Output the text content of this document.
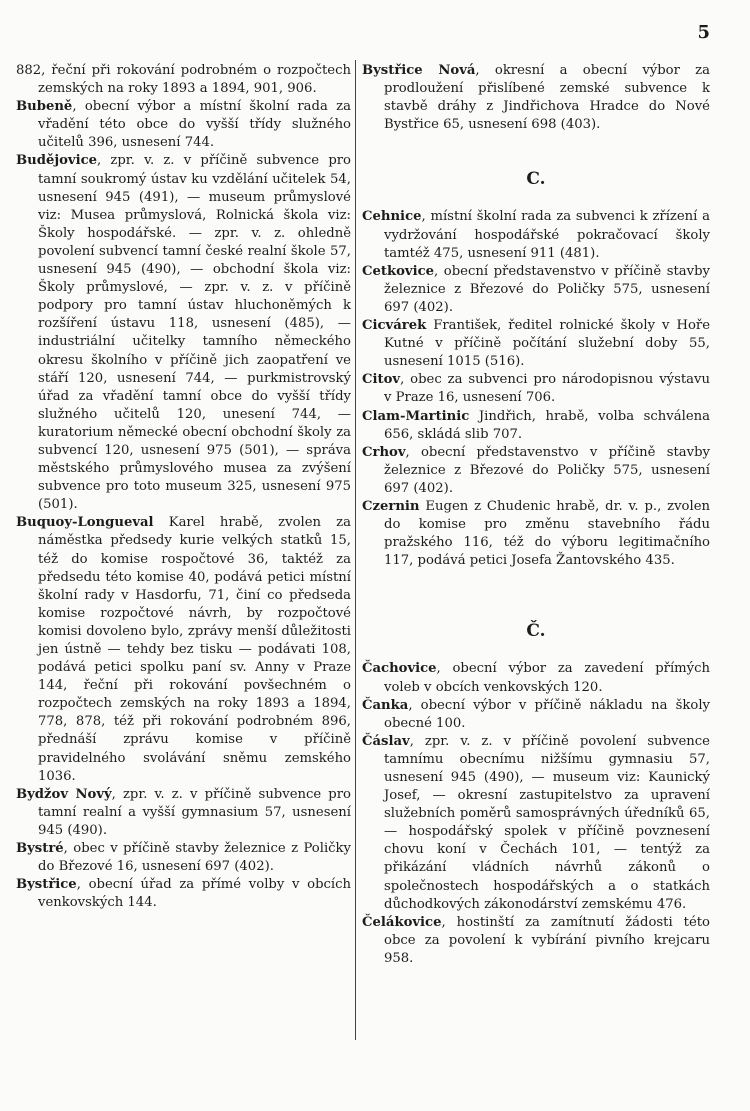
5

882, řeční při rokování podrobném o rozpočtech zemských na roky 1893 a 1894, 901, 906.

Bubeně, obecní výbor a místní školní rada za vřadění této obce do vyšší třídy služného učitelů 396, usnesení 744.

Budějovice, zpr. v. z. v příčině subvence pro tamní soukromý ústav ku vzdělání učitelek 54, usnesení 945 (491), — museum průmyslové viz: Musea průmyslová, Rolnická škola viz: Školy hospodářské. — zpr. v. z. ohledně povolení subvencí tamní české realní škole 57, usnesení 945 (490), — obchodní škola viz: Školy průmyslové, — zpr. v. z. v příčině podpory pro tamní ústav hluchoněmých k rozšíření ústavu 118, usnesení (485), — industriální učitelky tamního německého okresu školního v příčině jich zaopatření ve stáří 120, usnesení 744, — purkmistrovský úřad za vřadění tamní obce do vyšší třídy služného učitelů 120, unesení 744, — kuratorium německé obecní obchodní školy za subvencí 120, usnesení 975 (501), — správa městského průmyslového musea za zvýšení subvence pro toto museum 325, usnesení 975 (501).

Buquoy-Longueval Karel hrabě, zvolen za náměstka předsedy kurie velkých statků 15, též do komise rospočtové 36, taktéž za předsedu této komise 40, podává petici místní školní rady v Hasdorfu, 71, činí co předseda komise rozpočtové návrh, by rozpočtové komisi dovoleno bylo, zprávy menší důležitosti jen ústně — tehdy bez tisku — podávati 108, podává petici spolku paní sv. Anny v Praze 144, řeční při rokování povšechném o rozpočtech zemských na roky 1893 a 1894, 778, 878, též při rokování podrobném 896, přednáší zprávu komise v příčině pravidelného svolávání sněmu zemského 1036.

Bydžov Nový, zpr. v. z. v příčině subvence pro tamní realní a vyšší gymnasium 57, usnesení 945 (490).

Bystré, obec v příčině stavby železnice z Poličky do Březové 16, usnesení 697 (402).

Bystřice, obecní úřad za přímé volby v obcích venkovských 144.

Bystřice Nová, okresní a obecní výbor za prodloužení přislíbené zemské subvence k stavbě dráhy z Jindřichova Hradce do Nové Bystřice 65, usnesení 698 (403).

C.

Cehnice, místní školní rada za subvenci k zřízení a vydržování hospodářské pokračovací školy tamtéž 475, usnesení 911 (481).

Cetkovice, obecní představenstvo v příčině stavby železnice z Březové do Poličky 575, usnesení 697 (402).

Cicvárek František, ředitel rolnické školy v Hoře Kutné v příčině počítání služební doby 55, usnesení 1015 (516).

Citov, obec za subvenci pro národopisnou výstavu v Praze 16, usnesení 706.

Clam-Martinic Jindřich, hrabě, volba schválena 656, skládá slib 707.

Crhov, obecní představenstvo v příčině stavby železnice z Březové do Poličky 575, usnesení 697 (402).

Czernin Eugen z Chudenic hrabě, dr. v. p., zvolen do komise pro změnu stavebního řádu pražského 116, též do výboru legitimačního 117, podává petici Josefa Žantovského 435.

Č.

Čachovice, obecní výbor za zavedení přímých voleb v obcích venkovských 120.

Čanka, obecní výbor v příčině nákladu na školy obecné 100.

Čáslav, zpr. v. z. v příčině povolení subvence tamnímu obecnímu nižšímu gymnasiu 57, usnesení 945 (490), — museum viz: Kaunický Josef, — okresní zastupitelstvo za upravení služebních poměrů samosprávných úředníků 65, — hospodářský spolek v příčině povznesení chovu koní v Čechách 101, — tentýž za přikázání vládních návrhů zákonů o společnostech hospodářských a o statkách důchodkových zákonodárství zemskému 476.

Čelákovice, hostinští za zamítnutí žádosti této obce za povolení k vybírání pivního krejcaru 958.
